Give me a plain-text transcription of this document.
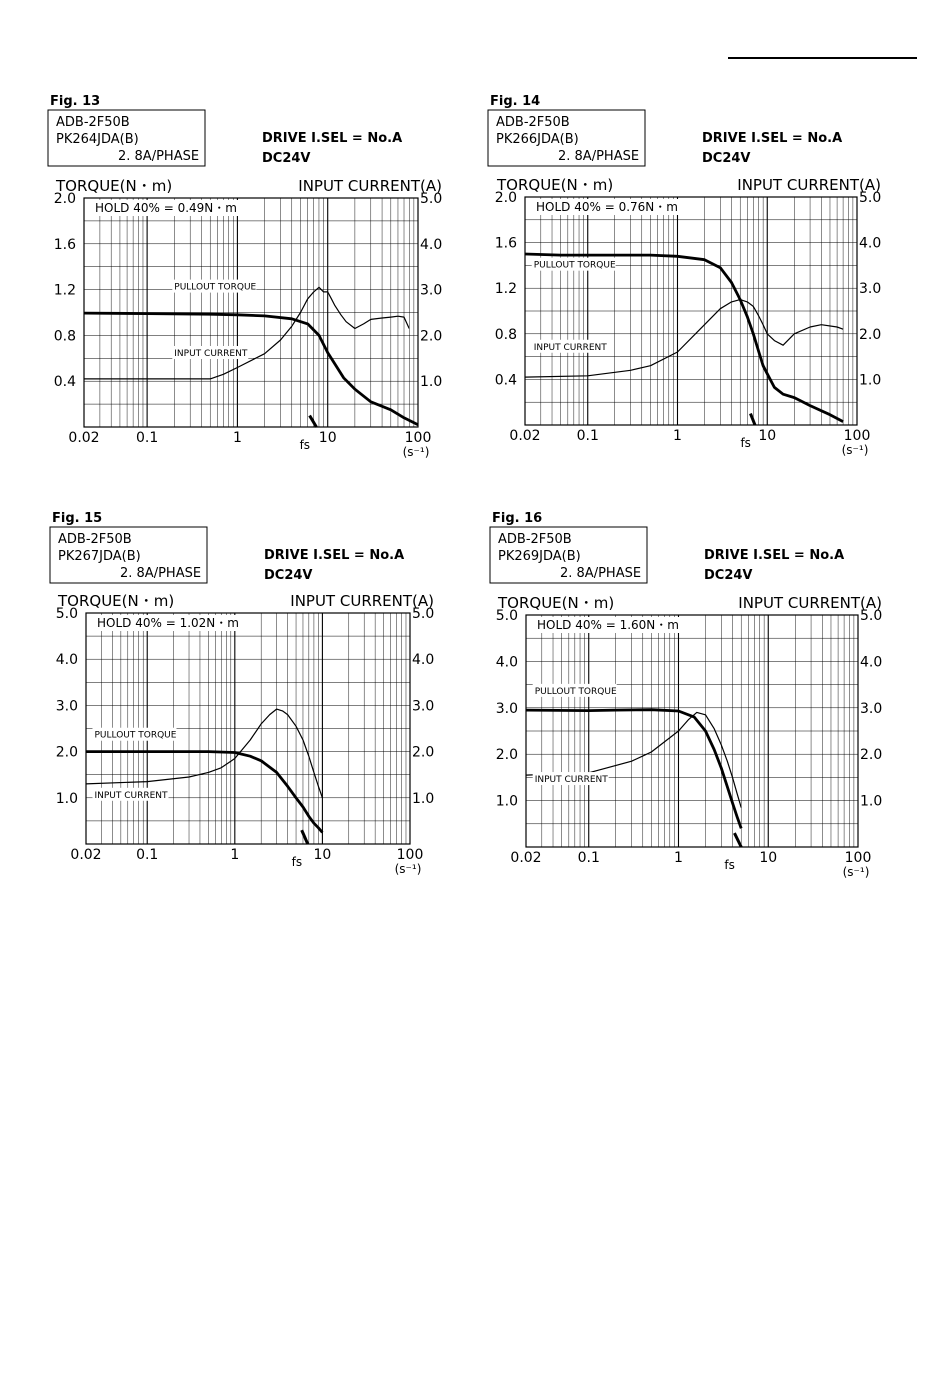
Fig. 13
ADB-2F50B
PK264JDA(B)
2. 8A/PHASE
DRIVE I.SEL = No.A
DC24V
TORQUE(N・m)	INPUT CURRENT(A)
HOLD 40% = 0.49N・m
0.4
0.8
1.2
1.6
2.0
1.0
2.0
3.0
4.0
5.0
0.02	0.1	1	10	100
(s⁻¹)
PULLOUT TORQUE
INPUT CURRENT
fs
Fig. 14
ADB-2F50B
PK266JDA(B)
2. 8A/PHASE
DRIVE I.SEL = No.A
DC24V
TORQUE(N・m)	INPUT CURRENT(A)
HOLD 40% = 0.76N・m
0.4
0.8
1.2
1.6
2.0
1.0
2.0
3.0
4.0
5.0
0.02	0.1	1	10	100
(s⁻¹)
PULLOUT TORQUE
INPUT CURRENT
fs
Fig. 15
ADB-2F50B
PK267JDA(B)
2. 8A/PHASE
DRIVE I.SEL = No.A
DC24V
TORQUE(N・m)	INPUT CURRENT(A)
HOLD 40% = 1.02N・m
1.0
2.0
3.0
4.0
5.0
1.0
2.0
3.0
4.0
5.0
0.02 0.1	1	10	100
(s⁻¹)
PULLOUT TORQUE
INPUT CURRENT
fs
Fig. 16
ADB-2F50B
PK269JDA(B)
2. 8A/PHASE
DRIVE I.SEL = No.A
DC24V
TORQUE(N・m)	INPUT CURRENT(A)
HOLD 40% = 1.60N・m
1.0
2.0
3.0
4.0
5.0
1.0
2.0
3.0
4.0
5.0
0.02	0.1	1	10	100
(s⁻¹)
PULLOUT TORQUE
INPUT CURRENT
fs
